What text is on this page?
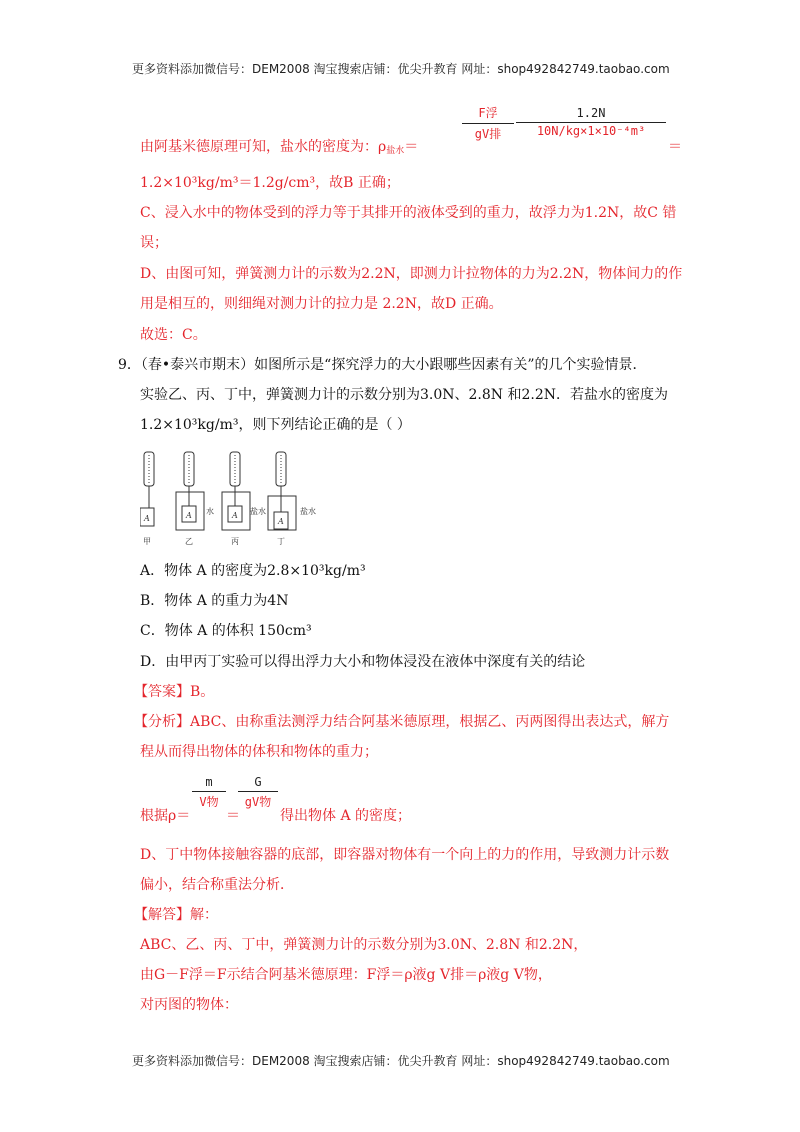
更多资料添加微信号：DEM2008 淘宝搜索店铺：优尖升教育 网址：shop492842749.taobao.com
由阿基米德原理可知，盐水的密度为：$\rho_{盐水}=$
F浮
gV排
1.2N
10N/kg×1×10⁻⁴m³
＝
1.2×10³kg/m³＝1.2g/cm³，故B 正确；
C、浸入水中的物体受到的浮力等于其排开的液体受到的重力，故浮力为1.2N，故C 错
误；
D、由图可知，弹簧测力计的示数为2.2N，即测力计拉物体的力为2.2N，物体间力的作
用是相互的，则细绳对测力计的拉力是 2.2N，故D 正确。
故选：C。
9．（春•泰兴市期末）如图所示是“探究浮力的大小跟哪些因素有关”的几个实验情景．
实验乙、丙、丁中，弹簧测力计的示数分别为3.0N、2.8N 和2.2N．若盐水的密度为
1.2×10³kg/m³，则下列结论正确的是（ ）
A	A	A
A
水	盐水	盐水
甲	乙	丙	丁
A．物体 A 的密度为2.8×10³kg/m³
B．物体 A 的重力为4N
C．物体 A 的体积 150cm³
D．由甲丙丁实验可以得出浮力大小和物体浸没在液体中深度有关的结论
【答案】B。
【分析】ABC、由称重法测浮力结合阿基米德原理，根据乙、丙两图得出表达式，解方
程从而得出物体的体积和物体的重力；
根据ρ＝
m
V物
＝
G
gV物
得出物体 A 的密度；
D、丁中物体接触容器的底部，即容器对物体有一个向上的力的作用，导致测力计示数
偏小，结合称重法分析．
【解答】解：
ABC、乙、丙、丁中，弹簧测力计的示数分别为3.0N、2.8N 和2.2N，
由G－F浮＝F示结合阿基米德原理：F浮＝ρ液g V排＝ρ液g V物，
对丙图的物体：
更多资料添加微信号：DEM2008 淘宝搜索店铺：优尖升教育 网址：shop492842749.taobao.com
